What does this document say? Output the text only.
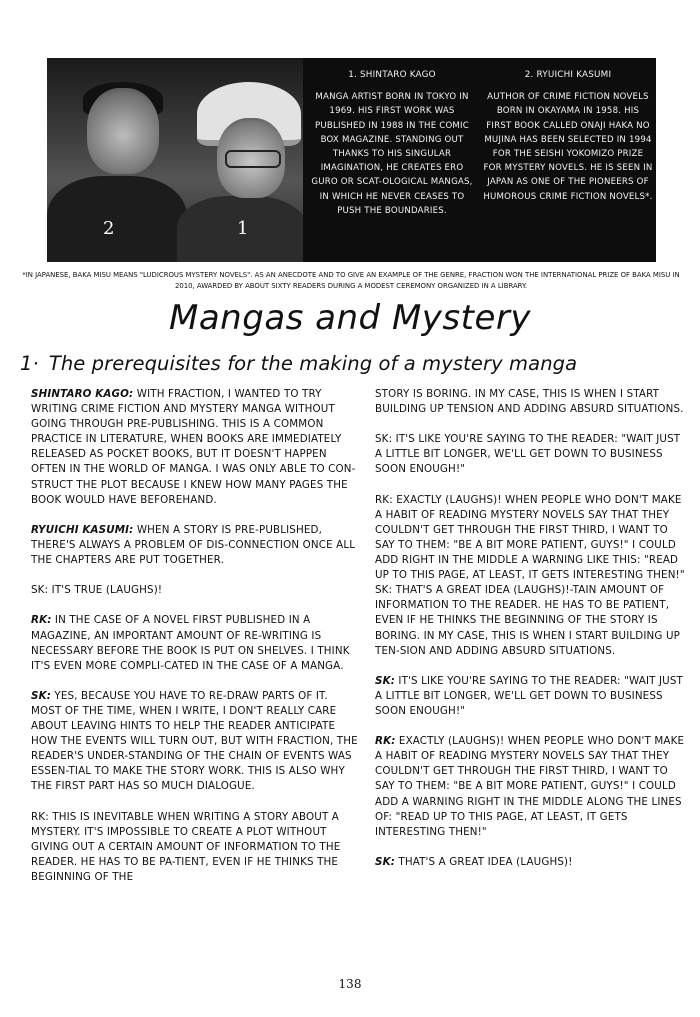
2	1
1. SHINTARO KAGO
MANGA ARTIST BORN IN TOKYO IN 1969. HIS FIRST WORK WAS PUBLISHED IN 1988 IN THE COMIC BOX MAGAZINE. STANDING OUT THANKS TO HIS SINGULAR IMAGINATION, HE CREATES ERO GURO OR SCAT-OLOGICAL MANGAS, IN WHICH HE NEVER CEASES TO PUSH THE BOUNDARIES.
2. RYUICHI KASUMI
AUTHOR OF CRIME FICTION NOVELS BORN IN OKAYAMA IN 1958. HIS FIRST BOOK CALLED ONAJI HAKA NO MUJINA HAS BEEN SELECTED IN 1994 FOR THE SEISHI YOKOMIZO PRIZE FOR MYSTERY NOVELS. HE IS SEEN IN JAPAN AS ONE OF THE PIONEERS OF HUMOROUS CRIME FICTION NOVELS*.
*IN JAPANESE, BAKA MISU MEANS "LUDICROUS MYSTERY NOVELS". AS AN ANECDOTE AND TO GIVE AN EXAMPLE OF THE GENRE, FRACTION WON THE INTERNATIONAL PRIZE OF BAKA MISU IN 2010, AWARDED BY ABOUT SIXTY READERS DURING A MODEST CEREMONY ORGANIZED IN A LIBRARY.
Mangas and Mystery
1· The prerequisites for the making of a mystery manga

SHINTARO KAGO: WITH FRACTION, I WANTED TO TRY WRITING CRIME FICTION AND MYSTERY MANGA WITHOUT GOING THROUGH PRE-PUBLISHING. THIS IS A COMMON PRACTICE IN LITERATURE, WHEN BOOKS ARE IMMEDIATELY RELEASED AS POCKET BOOKS, BUT IT DOESN'T HAPPEN OFTEN IN THE WORLD OF MANGA. I WAS ONLY ABLE TO CON-STRUCT THE PLOT BECAUSE I KNEW HOW MANY PAGES THE BOOK WOULD HAVE BEFOREHAND.

RYUICHI KASUMI: WHEN A STORY IS PRE-PUBLISHED, THERE'S ALWAYS A PROBLEM OF DIS-CONNECTION ONCE ALL THE CHAPTERS ARE PUT TOGETHER.

SK: IT'S TRUE (LAUGHS)!

RK: IN THE CASE OF A NOVEL FIRST PUBLISHED IN A MAGAZINE, AN IMPORTANT AMOUNT OF RE-WRITING IS NECESSARY BEFORE THE BOOK IS PUT ON SHELVES. I THINK IT'S EVEN MORE COMPLI-CATED IN THE CASE OF A MANGA.

SK: YES, BECAUSE YOU HAVE TO RE-DRAW PARTS OF IT. MOST OF THE TIME, WHEN I WRITE, I DON'T REALLY CARE ABOUT LEAVING HINTS TO HELP THE READER ANTICIPATE HOW THE EVENTS WILL TURN OUT, BUT WITH FRACTION, THE READER'S UNDER-STANDING OF THE CHAIN OF EVENTS WAS ESSEN-TIAL TO MAKE THE STORY WORK. THIS IS ALSO WHY THE FIRST PART HAS SO MUCH DIALOGUE.

RK: THIS IS INEVITABLE WHEN WRITING A STORY ABOUT A MYSTERY. IT'S IMPOSSIBLE TO CREATE A PLOT WITHOUT GIVING OUT A CERTAIN AMOUNT OF INFORMATION TO THE READER. HE HAS TO BE PA-TIENT, EVEN IF HE THINKS THE BEGINNING OF THE

STORY IS BORING. IN MY CASE, THIS IS WHEN I START BUILDING UP TENSION AND ADDING ABSURD SITUATIONS.

SK: IT'S LIKE YOU'RE SAYING TO THE READER: "WAIT JUST A LITTLE BIT LONGER, WE'LL GET DOWN TO BUSINESS SOON ENOUGH!"

RK: EXACTLY (LAUGHS)! WHEN PEOPLE WHO DON'T MAKE A HABIT OF READING MYSTERY NOVELS SAY THAT THEY COULDN'T GET THROUGH THE FIRST THIRD, I WANT TO SAY TO THEM: "BE A BIT MORE PATIENT, GUYS!" I COULD ADD RIGHT IN THE MIDDLE A WARNING LIKE THIS: "READ UP TO THIS PAGE, AT LEAST, IT GETS INTERESTING THEN!"

SK: THAT'S A GREAT IDEA (LAUGHS)!-TAIN AMOUNT OF INFORMATION TO THE READER. HE HAS TO BE PATIENT, EVEN IF HE THINKS THE BEGINNING OF THE STORY IS BORING. IN MY CASE, THIS IS WHEN I START BUILDING UP TEN-SION AND ADDING ABSURD SITUATIONS.

SK: IT'S LIKE YOU'RE SAYING TO THE READER: "WAIT JUST A LITTLE BIT LONGER, WE'LL GET DOWN TO BUSINESS SOON ENOUGH!"

RK: EXACTLY (LAUGHS)! WHEN PEOPLE WHO DON'T MAKE A HABIT OF READING MYSTERY NOVELS SAY THAT THEY COULDN'T GET THROUGH THE FIRST THIRD, I WANT TO SAY TO THEM: "BE A BIT MORE PATIENT, GUYS!" I COULD ADD A WARNING RIGHT IN THE MIDDLE ALONG THE LINES OF: "READ UP TO THIS PAGE, AT LEAST, IT GETS INTERESTING THEN!"

SK: THAT'S A GREAT IDEA (LAUGHS)!

138
